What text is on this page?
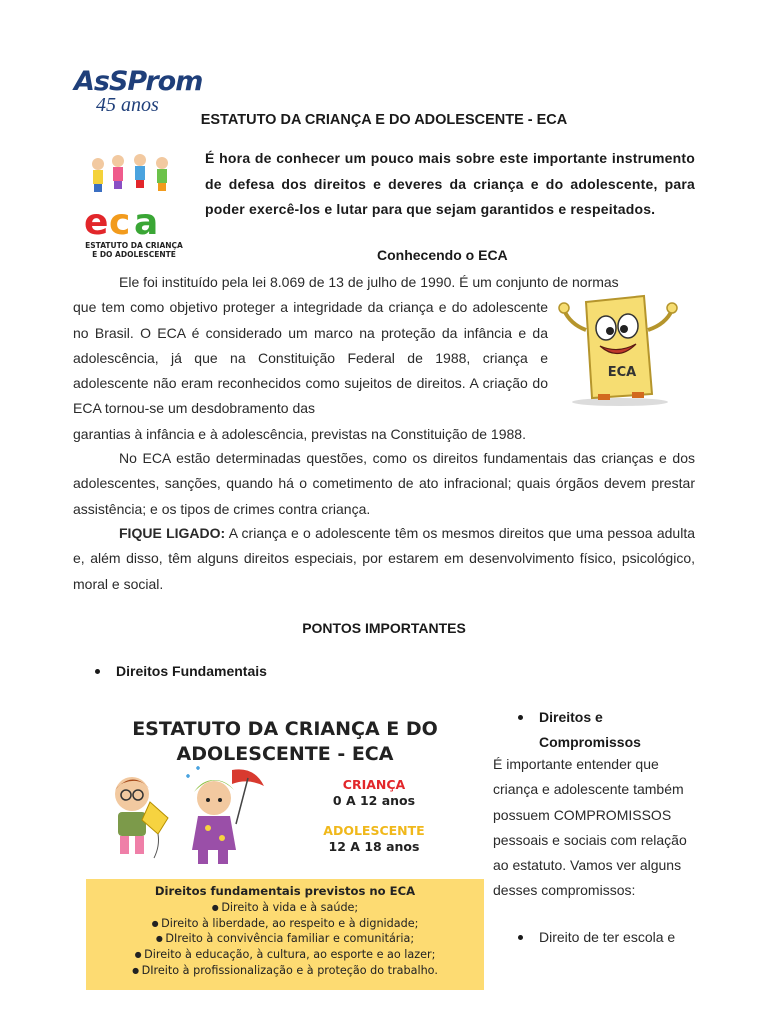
AsSProm
45 anos
ESTATUTO DA CRIANÇA E DO ADOLESCENTE - ECA
e c a
ESTATUTO DA CRIANÇA
E DO ADOLESCENTE
É hora de conhecer um pouco mais sobre este importante instrumento de defesa dos direitos e deveres da criança e do adolescente, para poder exercê-los e lutar para que sejam garantidos e respeitados.
Conhecendo o ECA
Ele foi instituído pela lei 8.069 de 13 de julho de 1990. É um conjunto de normas
que tem como objetivo proteger a integridade da criança e do adolescente no Brasil. O ECA é considerado um marco na proteção da infância e da adolescência, já que na Constituição Federal de 1988, criança e adolescente não eram reconhecidos como sujeitos de direitos. A criação do ECA tornou-se um desdobramento das
garantias à infância e à adolescência, previstas na Constituição de 1988.
ECA
No ECA estão determinadas questões, como os direitos fundamentais das crianças e dos adolescentes, sanções, quando há o cometimento de ato infracional; quais órgãos devem prestar assistência; e os tipos de crimes contra criança.
FIQUE LIGADO: A criança e o adolescente têm os mesmos direitos que uma pessoa adulta e, além disso, têm alguns direitos especiais, por estarem em desenvolvimento físico, psicológico, moral e social.
PONTOS IMPORTANTES
Direitos Fundamentais
ESTATUTO DA CRIANÇA E DO
ADOLESCENTE - ECA
CRIANÇA
0 A 12 anos
ADOLESCENTE
12 A 18 anos
Direitos fundamentais previstos no ECA
● Direito à vida e à saúde;
● Direito à liberdade, ao respeito e à dignidade;
● DIreito à convivência familiar e comunitária;
● Direito à educação, à cultura, ao esporte e ao lazer;
● DIreito à profissionalização e à proteção do trabalho.
Direitos e
Compromissos
É importante entender que criança e adolescente também possuem COMPROMISSOS pessoais e sociais com relação ao estatuto. Vamos ver alguns desses compromissos:
Direito de ter escola e
